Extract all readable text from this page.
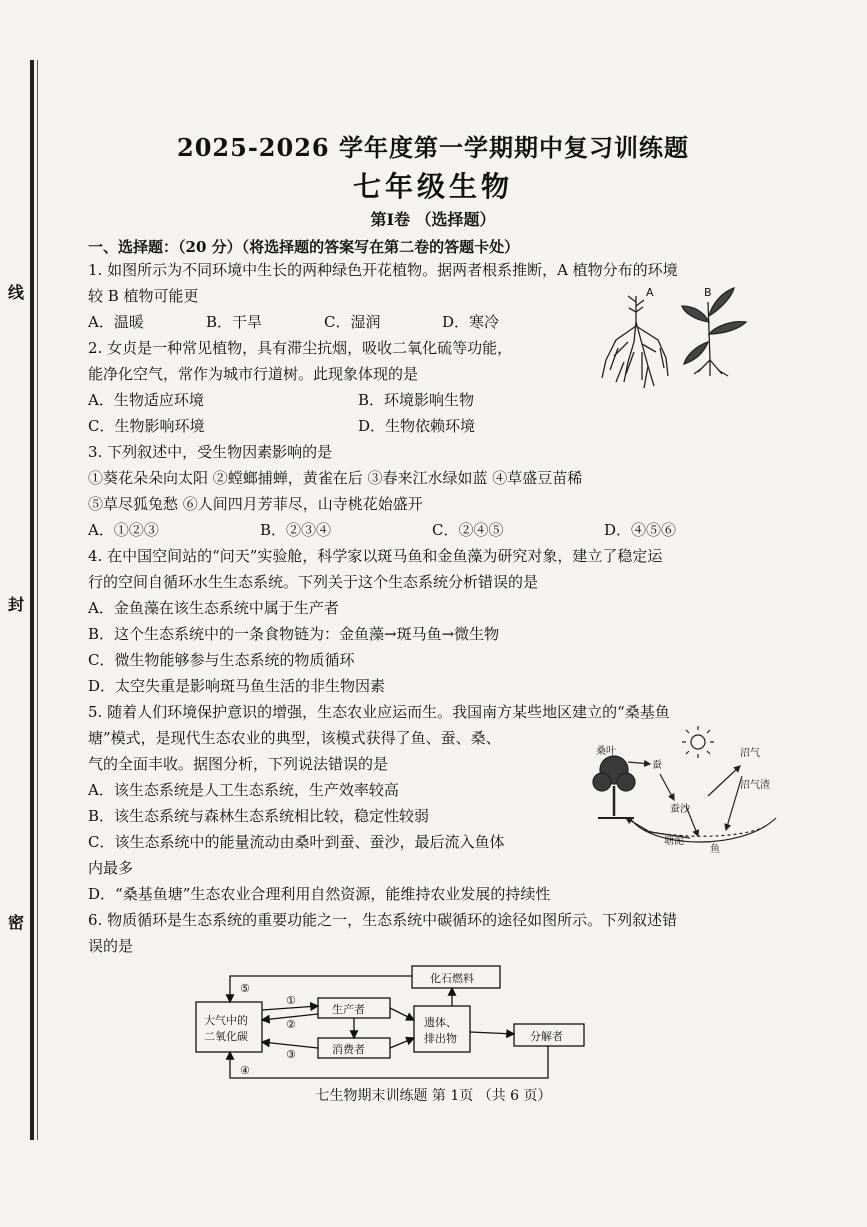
线
封
密
2025-2026 学年度第一学期期中复习训练题
七年级生物
第Ⅰ卷 （选择题）
一、选择题：（20 分）（将选择题的答案写在第二卷的答题卡处）
1. 如图所示为不同环境中生长的两种绿色开花植物。据两者根系推断，A 植物分布的环境
较 B 植物可能更
A．温暖	B．干旱	C．湿润	D．寒冷
2. 女贞是一种常见植物，具有滞尘抗烟，吸收二氧化硫等功能，
能净化空气，常作为城市行道树。此现象体现的是
A．生物适应环境	B．环境影响生物
C．生物影响环境	D．生物依赖环境
3. 下列叙述中，受生物因素影响的是
①葵花朵朵向太阳 ②螳螂捕蝉，黄雀在后 ③春来江水绿如蓝 ④草盛豆苗稀
⑤草尽狐兔愁 ⑥人间四月芳菲尽，山寺桃花始盛开
A．①②③	B．②③④	C．②④⑤	D．④⑤⑥
4. 在中国空间站的“问天”实验舱，科学家以斑马鱼和金鱼藻为研究对象，建立了稳定运
行的空间自循环水生生态系统。下列关于这个生态系统分析错误的是
A．金鱼藻在该生态系统中属于生产者
B．这个生态系统中的一条食物链为：金鱼藻→斑马鱼→微生物
C．微生物能够参与生态系统的物质循环
D．太空失重是影响斑马鱼生活的非生物因素
5. 随着人们环境保护意识的增强，生态农业应运而生。我国南方某些地区建立的“桑基鱼
塘”模式，是现代生态农业的典型，该模式获得了鱼、蚕、桑、
气的全面丰收。据图分析，下列说法错误的是
A．该生态系统是人工生态系统，生产效率较高
B．该生态系统与森林生态系统相比较，稳定性较弱
C．该生态系统中的能量流动由桑叶到蚕、蚕沙，最后流入鱼体
内最多
D．“桑基鱼塘”生态农业合理利用自然资源，能维持农业发展的持续性
6. 物质循环是生态系统的重要功能之一，生态系统中碳循环的途径如图所示。下列叙述错
误的是
A	B
桑叶
蚕
蚕沙
沼气
沼气渣
塘泥
鱼
大气中的
二氧化碳
生产者
消费者
遗体、
排出物	分解者
化石燃料
①
②
③
④
⑤
七生物期末训练题 第 1页 （共 6 页）
